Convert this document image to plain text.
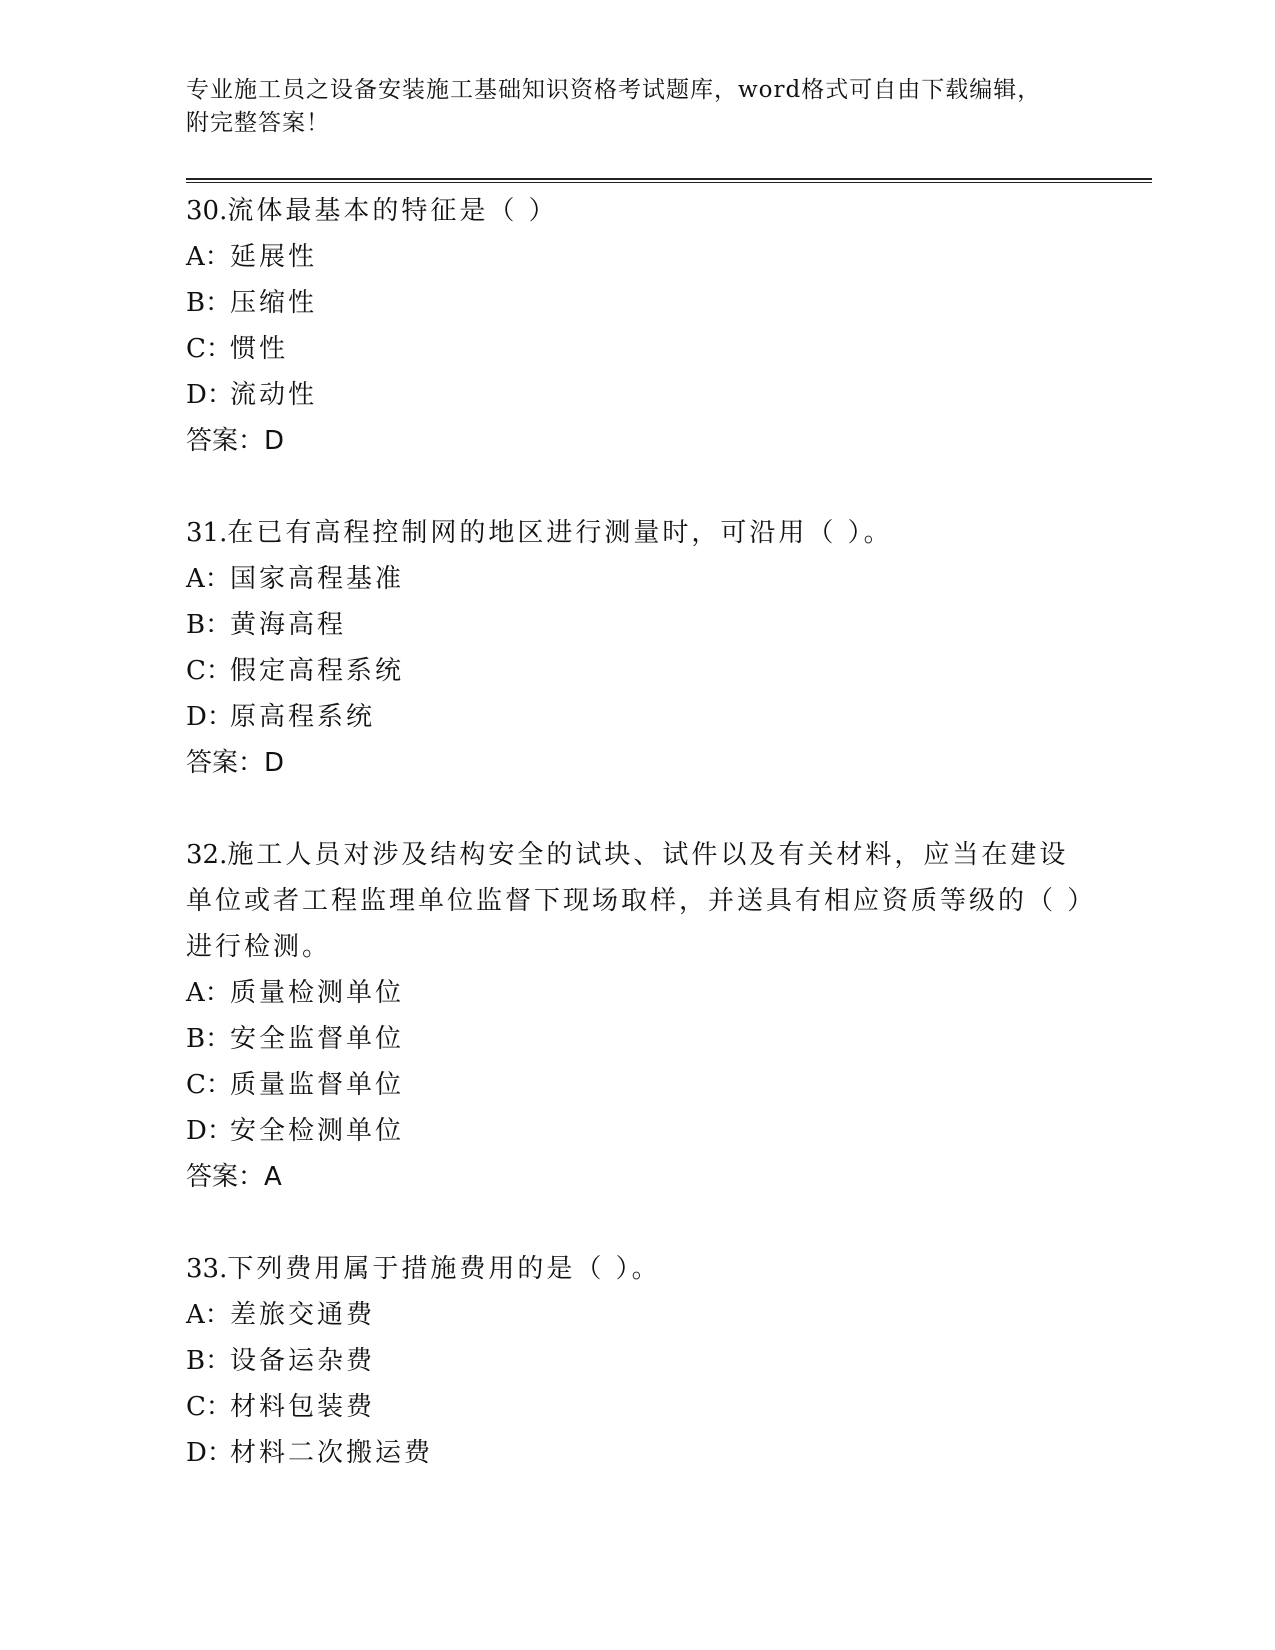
专业施工员之设备安装施工基础知识资格考试题库，word格式可自由下载编辑，
附完整答案！

30.流体最基本的特征是（ ）

A：延展性

B：压缩性

C：惯性

D：流动性

答案：D

31.在已有高程控制网的地区进行测量时，可沿用（ ）。

A：国家高程基准

B：黄海高程

C：假定高程系统

D：原高程系统

答案：D

32.施工人员对涉及结构安全的试块、试件以及有关材料，应当在建设单位或者工程监理单位监督下现场取样，并送具有相应资质等级的（ ）进行检测。

A：质量检测单位

B：安全监督单位

C：质量监督单位

D：安全检测单位

答案：A

33.下列费用属于措施费用的是（ ）。

A：差旅交通费

B：设备运杂费

C：材料包装费

D：材料二次搬运费
